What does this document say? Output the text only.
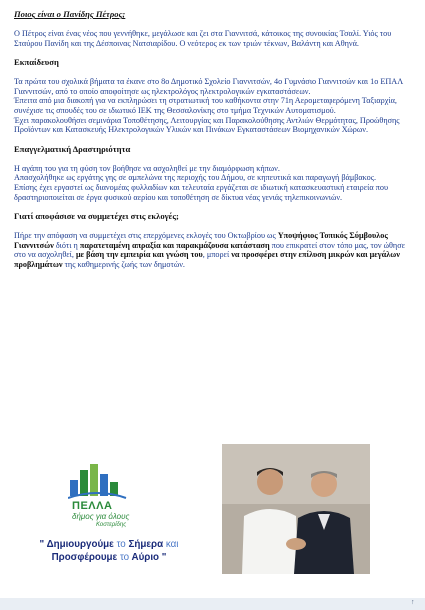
Ποιος είναι ο Πανίδης Πέτρος;

Ο Πέτρος είναι ένας νέος που γεννήθηκε, μεγάλωσε και ζει στα Γιαννιτσά, κάτοικος της συνοικίας Τσαλί. Υιός του Σταύρου Πανίδη και της Δέσποινας Νατσιαρίδου. Ο νεότερος εκ των τριών τέκνων, Βαλάντη και Αθηνά.

Εκπαίδευση

Τα πρώτα του σχολικά βήματα τα έκανε στο 8ο Δημοτικό Σχολείο Γιαννιτσών, 4ο Γυμνάσιο Γιαννιτσών και 1ο ΕΠΑΛ Γιαννιτσών, από το οποίο αποφοίτησε ως ηλεκτρολόγος ηλεκτρολογικών εγκαταστάσεων.

Έπειτα από μια διακοπή για να εκπληρώσει τη στρατιωτική του καθήκοντα στην 71η Αερομεταφερόμενη Ταξιαρχία, συνέχισε τις σπουδές του σε ιδιωτικό ΙΕΚ της Θεσσαλονίκης στο τμήμα Τεχνικών Αυτοματισμού.

Έχει παρακολουθήσει σεμινάρια Τοποθέτησης, Λειτουργίας και Παρακολούθησης Αντλιών Θερμότητας, Προώθησης Προϊόντων και Κατασκευής Ηλεκτρολογικών Υλικών και Πινάκων Εγκαταστάσεων Βιομηχανικών Χώρων.

Επαγγελματική Δραστηριότητα

Η αγάπη του για τη φύση τον βοήθησε να ασχοληθεί με την διαμόρφωση κήπων.

Απασχολήθηκε ως εργάτης γης σε αμπελώνα της περιοχής του Δήμου, σε κηπευτικά και παραγωγή βάμβακος.

Επίσης έχει εργαστεί ως διανομέας φυλλαδίων και τελευταία εργάζεται σε ιδιωτική κατασκευαστική εταιρεία που

δραστηριοποιείται σε έργα φυσικού αερίου και τοποθέτηση σε δίκτυα νέας γενιάς τηλεπικοινωνιών.

Γιατί αποφάσισε να συμμετέχει στις εκλογές;

Πήρε την απόφαση να συμμετέχει στις επερχόμενες εκλογές του Οκτωβρίου ως Υποψήφιος Τοπικός Σύμβουλος Γιαννιτσών διότι η παρατεταμένη απραξία και παρακμάζουσα κατάσταση που επικρατεί στον τόπο μας, τον ώθησε στο να ασχοληθεί, με βάση την εμπειρία και γνώση του, μπορεί να προσφέρει στην επίλυση μικρών και μεγάλων προβλημάτων της καθημερινής ζωής των δημοτών.

ΠΕΛΛΑ
δήμος για όλους
Κοστερίδης
" Δημιουργούμε το Σήμερα και
Προσφέρουμε το Αύριο "
↑
